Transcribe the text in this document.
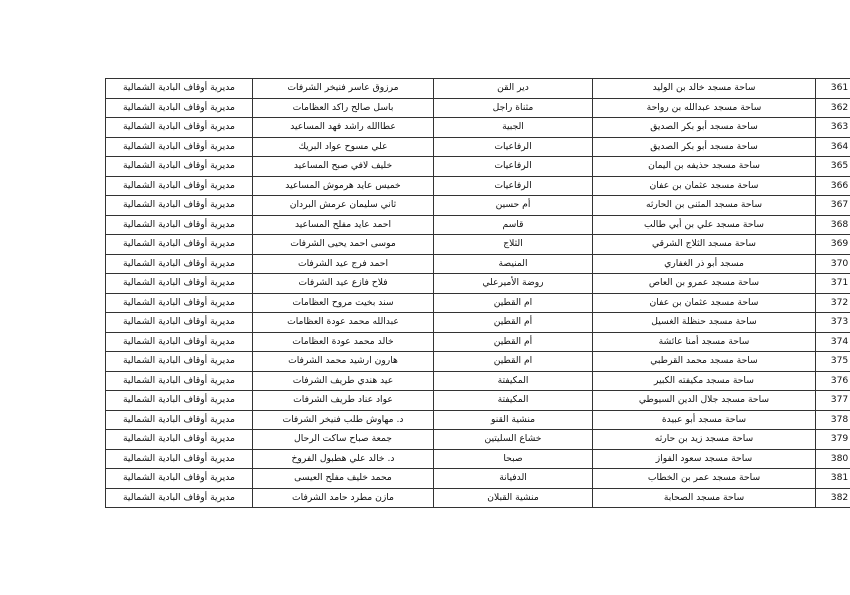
361	ساحة مسجد خالد بن الوليد	دير القن	مرزوق عاسر فنيخر الشرفات	مديرية أوقاف البادية الشمالية
362	ساحة مسجد عبدالله بن رواحة	مثناة راجل	باسل صالح راكد العظامات	مديرية أوقاف البادية الشمالية
363	ساحة مسجد أبو بكر الصديق	الجبية	عطاالله راشد فهد المساعيد	مديرية أوقاف البادية الشمالية
364	ساحة مسجد أبو بكر الصديق	الرفاعيات	علي مسوح عواد البريك	مديرية أوقاف البادية الشمالية
365	ساحة مسجد حذيفه بن اليمان	الرفاعيات	خليف لافي صبح المساعيد	مديرية أوقاف البادية الشمالية
366	ساحة مسجد عثمان بن عفان	الرفاعيات	خميس عايد هرموش المساعيد	مديرية أوقاف البادية الشمالية
367	ساحة مسجد المثنى بن الحارثه	أم حسين	ثاني سليمان عرمش البردان	مديرية أوقاف البادية الشمالية
368	ساحة مسجد علي بن أبي طالب	قاسم	احمد عايد مفلح المساعيد	مديرية أوقاف البادية الشمالية
369	ساحة مسجد الثلاج الشرقي	الثلاج	موسى احمد يحيى الشرفات	مديرية أوقاف البادية الشمالية
370	مسجد أبو ذر الغفاري	المنيصة	احمد فرج عيد الشرفات	مديرية أوقاف البادية الشمالية
371	ساحة مسجد عمرو بن العاص	روضة الأميرعلي	فلاح فازع عيد الشرفات	مديرية أوقاف البادية الشمالية
372	ساحة مسجد عثمان بن عفان	ام القطين	سند بخيت مروح العظامات	مديرية أوقاف البادية الشمالية
373	ساحة مسجد حنظلة الغسيل	أم القطين	عبدالله محمد عودة العظامات	مديرية أوقاف البادية الشمالية
374	ساحة مسجد أمنا عائشة	أم القطين	خالد محمد عودة العظامات	مديرية أوقاف البادية الشمالية
375	ساحة مسجد محمد القرطبي	ام القطين	هارون ارشيد محمد الشرفات	مديرية أوقاف البادية الشمالية
376	ساحة مسجد مكيفته الكبير	المكيفتة	عيد هندي طريف الشرفات	مديرية أوقاف البادية الشمالية
377	ساحة مسجد جلال الدين السيوطي	المكيفتة	عواد عناد طريف الشرفات	مديرية أوقاف البادية الشمالية
378	ساحة مسجد أبو عبيدة	منشية القنو	د. مهاوش طلب فنيخر الشرفات	مديرية أوقاف البادية الشمالية
379	ساحة مسجد زيد بن حارثه	خشاع السليتين	جمعة صباح ساكت الرحال	مديرية أوقاف البادية الشمالية
380	ساحة مسجد سعود الفواز	صبحا	د. خالد علي هطبول الفروخ	مديرية أوقاف البادية الشمالية
381	ساحة مسجد عمر بن الخطاب	الدفيانة	محمد خليف مفلح العيسى	مديرية أوقاف البادية الشمالية
382	ساحة مسجد الصحابة	منشية القبلان	مازن مطرد حامد الشرفات	مديرية أوقاف البادية الشمالية
